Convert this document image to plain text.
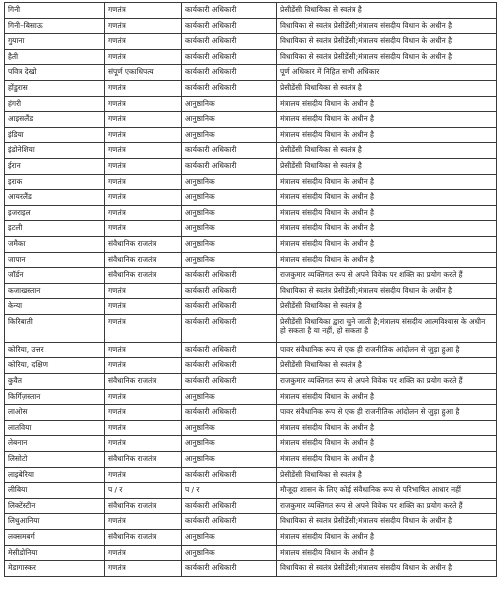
गिनी	गणतंत्र	कार्यकारी अधिकारी	प्रेसीडेंसी विधायिका से स्वतंत्र है
गिनी–बिसाऊ	गणतंत्र	कार्यकारी अधिकारी	विधायिका से स्वतंत्र प्रेसीडेंसी;मंत्रालय संसदीय विधान के अधीन है
गुयाना	गणतंत्र	कार्यकारी अधिकारी	विधायिका से स्वतंत्र प्रेसीडेंसी;मंत्रालय संसदीय विधान के अधीन है
हैती	गणतंत्र	कार्यकारी अधिकारी	विधायिका से स्वतंत्र प्रेसीडेंसी;मंत्रालय संसदीय विधान के अधीन है
पवित्र देखो	संपूर्ण एकाधिपत्य	कार्यकारी अधिकारी	पूर्ण अधिकार में निहित सभी अधिकार
होंडुरास	गणतंत्र	कार्यकारी अधिकारी	प्रेसीडेंसी विधायिका से स्वतंत्र है
हंगरी	गणतंत्र	आनुष्ठानिक	मंत्रालय संसदीय विधान के अधीन है
आइसलैंड	गणतंत्र	आनुष्ठानिक	मंत्रालय संसदीय विधान के अधीन है
इंडिया	गणतंत्र	आनुष्ठानिक	मंत्रालय संसदीय विधान के अधीन है
इंडोनेशिया	गणतंत्र	कार्यकारी अधिकारी	प्रेसीडेंसी विधायिका से स्वतंत्र है
ईरान	गणतंत्र	कार्यकारी अधिकारी	प्रेसीडेंसी विधायिका से स्वतंत्र है
इराक	गणतंत्र	आनुष्ठानिक	मंत्रालय संसदीय विधान के अधीन है
आयरलैंड	गणतंत्र	आनुष्ठानिक	मंत्रालय संसदीय विधान के अधीन है
इजराइल	गणतंत्र	आनुष्ठानिक	मंत्रालय संसदीय विधान के अधीन है
इटली	गणतंत्र	आनुष्ठानिक	मंत्रालय संसदीय विधान के अधीन है
जमैका	संवैधानिक राजतंत्र	आनुष्ठानिक	मंत्रालय संसदीय विधान के अधीन है
जापान	संवैधानिक राजतंत्र	आनुष्ठानिक	मंत्रालय संसदीय विधान के अधीन है
जॉर्डन	संवैधानिक राजतंत्र	कार्यकारी अधिकारी	राजकुमार व्यक्तिगत रूप से अपने विवेक पर शक्ति का प्रयोग करते हैं
कजाखस्तान	गणतंत्र	कार्यकारी अधिकारी	विधायिका से स्वतंत्र प्रेसीडेंसी;मंत्रालय संसदीय विधान के अधीन है
केन्या	गणतंत्र	कार्यकारी अधिकारी	प्रेसीडेंसी विधायिका से स्वतंत्र है
किरिबाती	गणतंत्र	कार्यकारी अधिकारी	प्रेसीडेंसी विधायिका द्वारा चुने जाती है;मंत्रालय संसदीय आत्मविश्वास के अधीन हो सकता है या नहीं, हो सकता है
कोरिया, उत्तर	गणतंत्र	कार्यकारी अधिकारी	पावर संवैधानिक रूप से एक ही राजनीतिक आंदोलन से जुड़ा हुआ है
कोरिया, दक्षिण	गणतंत्र	कार्यकारी अधिकारी	प्रेसीडेंसी विधायिका से स्वतंत्र है
कुवैत	संवैधानिक राजतंत्र	कार्यकारी अधिकारी	राजकुमार व्यक्तिगत रूप से अपने विवेक पर शक्ति का प्रयोग करते हैं
किर्गिज़स्तान	गणतंत्र	आनुष्ठानिक	मंत्रालय संसदीय विधान के अधीन है
लाओस	गणतंत्र	कार्यकारी अधिकारी	पावर संवैधानिक रूप से एक ही राजनीतिक आंदोलन से जुड़ा हुआ है
लातविया	गणतंत्र	आनुष्ठानिक	मंत्रालय संसदीय विधान के अधीन है
लेबनान	गणतंत्र	आनुष्ठानिक	मंत्रालय संसदीय विधान के अधीन है
लिसोटो	संवैधानिक राजतंत्र	आनुष्ठानिक	मंत्रालय संसदीय विधान के अधीन है
लाइबेरिया	गणतंत्र	कार्यकारी अधिकारी	प्रेसीडेंसी विधायिका से स्वतंत्र है
लीबिया	प / र	प / र	मौजूदा शासन के लिए कोई संवैधानिक रूप से परिभाषित आधार नहीं
लिक्टेंस्टीन	संवैधानिक राजतंत्र	कार्यकारी अधिकारी	राजकुमार व्यक्तिगत रूप से अपने विवेक पर शक्ति का प्रयोग करते हैं
लिथुआनिया	गणतंत्र	कार्यकारी अधिकारी	विधायिका से स्वतंत्र प्रेसीडेंसी;मंत्रालय संसदीय विधान के अधीन है
लक्समबर्ग	संवैधानिक राजतंत्र	आनुष्ठानिक	मंत्रालय संसदीय विधान के अधीन है
मेसीडोनिया	गणतंत्र	आनुष्ठानिक	मंत्रालय संसदीय विधान के अधीन है
मेडागास्कर	गणतंत्र	कार्यकारी अधिकारी	विधायिका से स्वतंत्र प्रेसीडेंसी;मंत्रालय संसदीय विधान के अधीन है
